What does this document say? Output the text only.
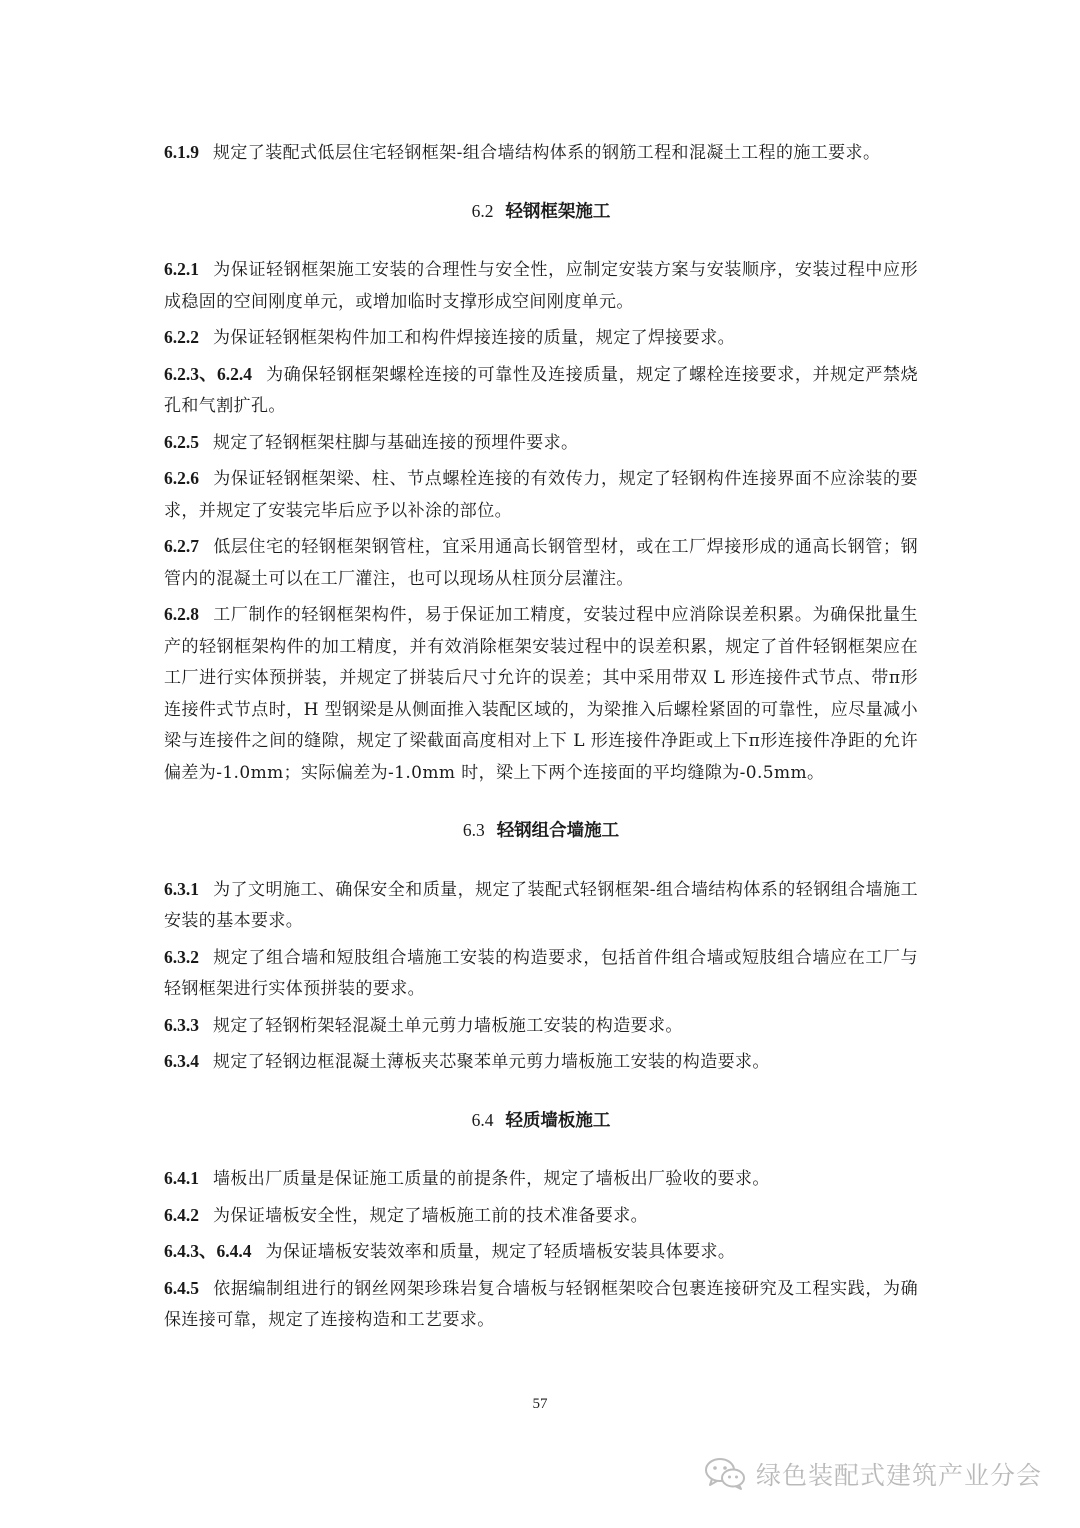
6.1.9 规定了装配式低层住宅轻钢框架-组合墙结构体系的钢筋工程和混凝土工程的施工要求。

6.2 轻钢框架施工

6.2.1 为保证轻钢框架施工安装的合理性与安全性，应制定安装方案与安装顺序，安装过程中应形成稳固的空间刚度单元，或增加临时支撑形成空间刚度单元。

6.2.2 为保证轻钢框架构件加工和构件焊接连接的质量，规定了焊接要求。

6.2.3、6.2.4 为确保轻钢框架螺栓连接的可靠性及连接质量，规定了螺栓连接要求，并规定严禁烧孔和气割扩孔。

6.2.5 规定了轻钢框架柱脚与基础连接的预埋件要求。

6.2.6 为保证轻钢框架梁、柱、节点螺栓连接的有效传力，规定了轻钢构件连接界面不应涂装的要求，并规定了安装完毕后应予以补涂的部位。

6.2.7 低层住宅的轻钢框架钢管柱，宜采用通高长钢管型材，或在工厂焊接形成的通高长钢管；钢管内的混凝土可以在工厂灌注，也可以现场从柱顶分层灌注。

6.2.8 工厂制作的轻钢框架构件，易于保证加工精度，安装过程中应消除误差积累。为确保批量生产的轻钢框架构件的加工精度，并有效消除框架安装过程中的误差积累，规定了首件轻钢框架应在工厂进行实体预拼装，并规定了拼装后尺寸允许的误差；其中采用带双 L 形连接件式节点、带π形连接件式节点时，H 型钢梁是从侧面推入装配区域的，为梁推入后螺栓紧固的可靠性，应尽量减小梁与连接件之间的缝隙，规定了梁截面高度相对上下 L 形连接件净距或上下π形连接件净距的允许偏差为-1.0mm；实际偏差为-1.0mm 时，梁上下两个连接面的平均缝隙为-0.5mm。

6.3 轻钢组合墙施工

6.3.1 为了文明施工、确保安全和质量，规定了装配式轻钢框架-组合墙结构体系的轻钢组合墙施工安装的基本要求。

6.3.2 规定了组合墙和短肢组合墙施工安装的构造要求，包括首件组合墙或短肢组合墙应在工厂与轻钢框架进行实体预拼装的要求。

6.3.3 规定了轻钢桁架轻混凝土单元剪力墙板施工安装的构造要求。

6.3.4 规定了轻钢边框混凝土薄板夹芯聚苯单元剪力墙板施工安装的构造要求。

6.4 轻质墙板施工

6.4.1 墙板出厂质量是保证施工质量的前提条件，规定了墙板出厂验收的要求。

6.4.2 为保证墙板安全性，规定了墙板施工前的技术准备要求。

6.4.3、6.4.4 为保证墙板安装效率和质量，规定了轻质墙板安装具体要求。

6.4.5 依据编制组进行的钢丝网架珍珠岩复合墙板与轻钢框架咬合包裹连接研究及工程实践，为确保连接可靠，规定了连接构造和工艺要求。

57
绿色装配式建筑产业分会
